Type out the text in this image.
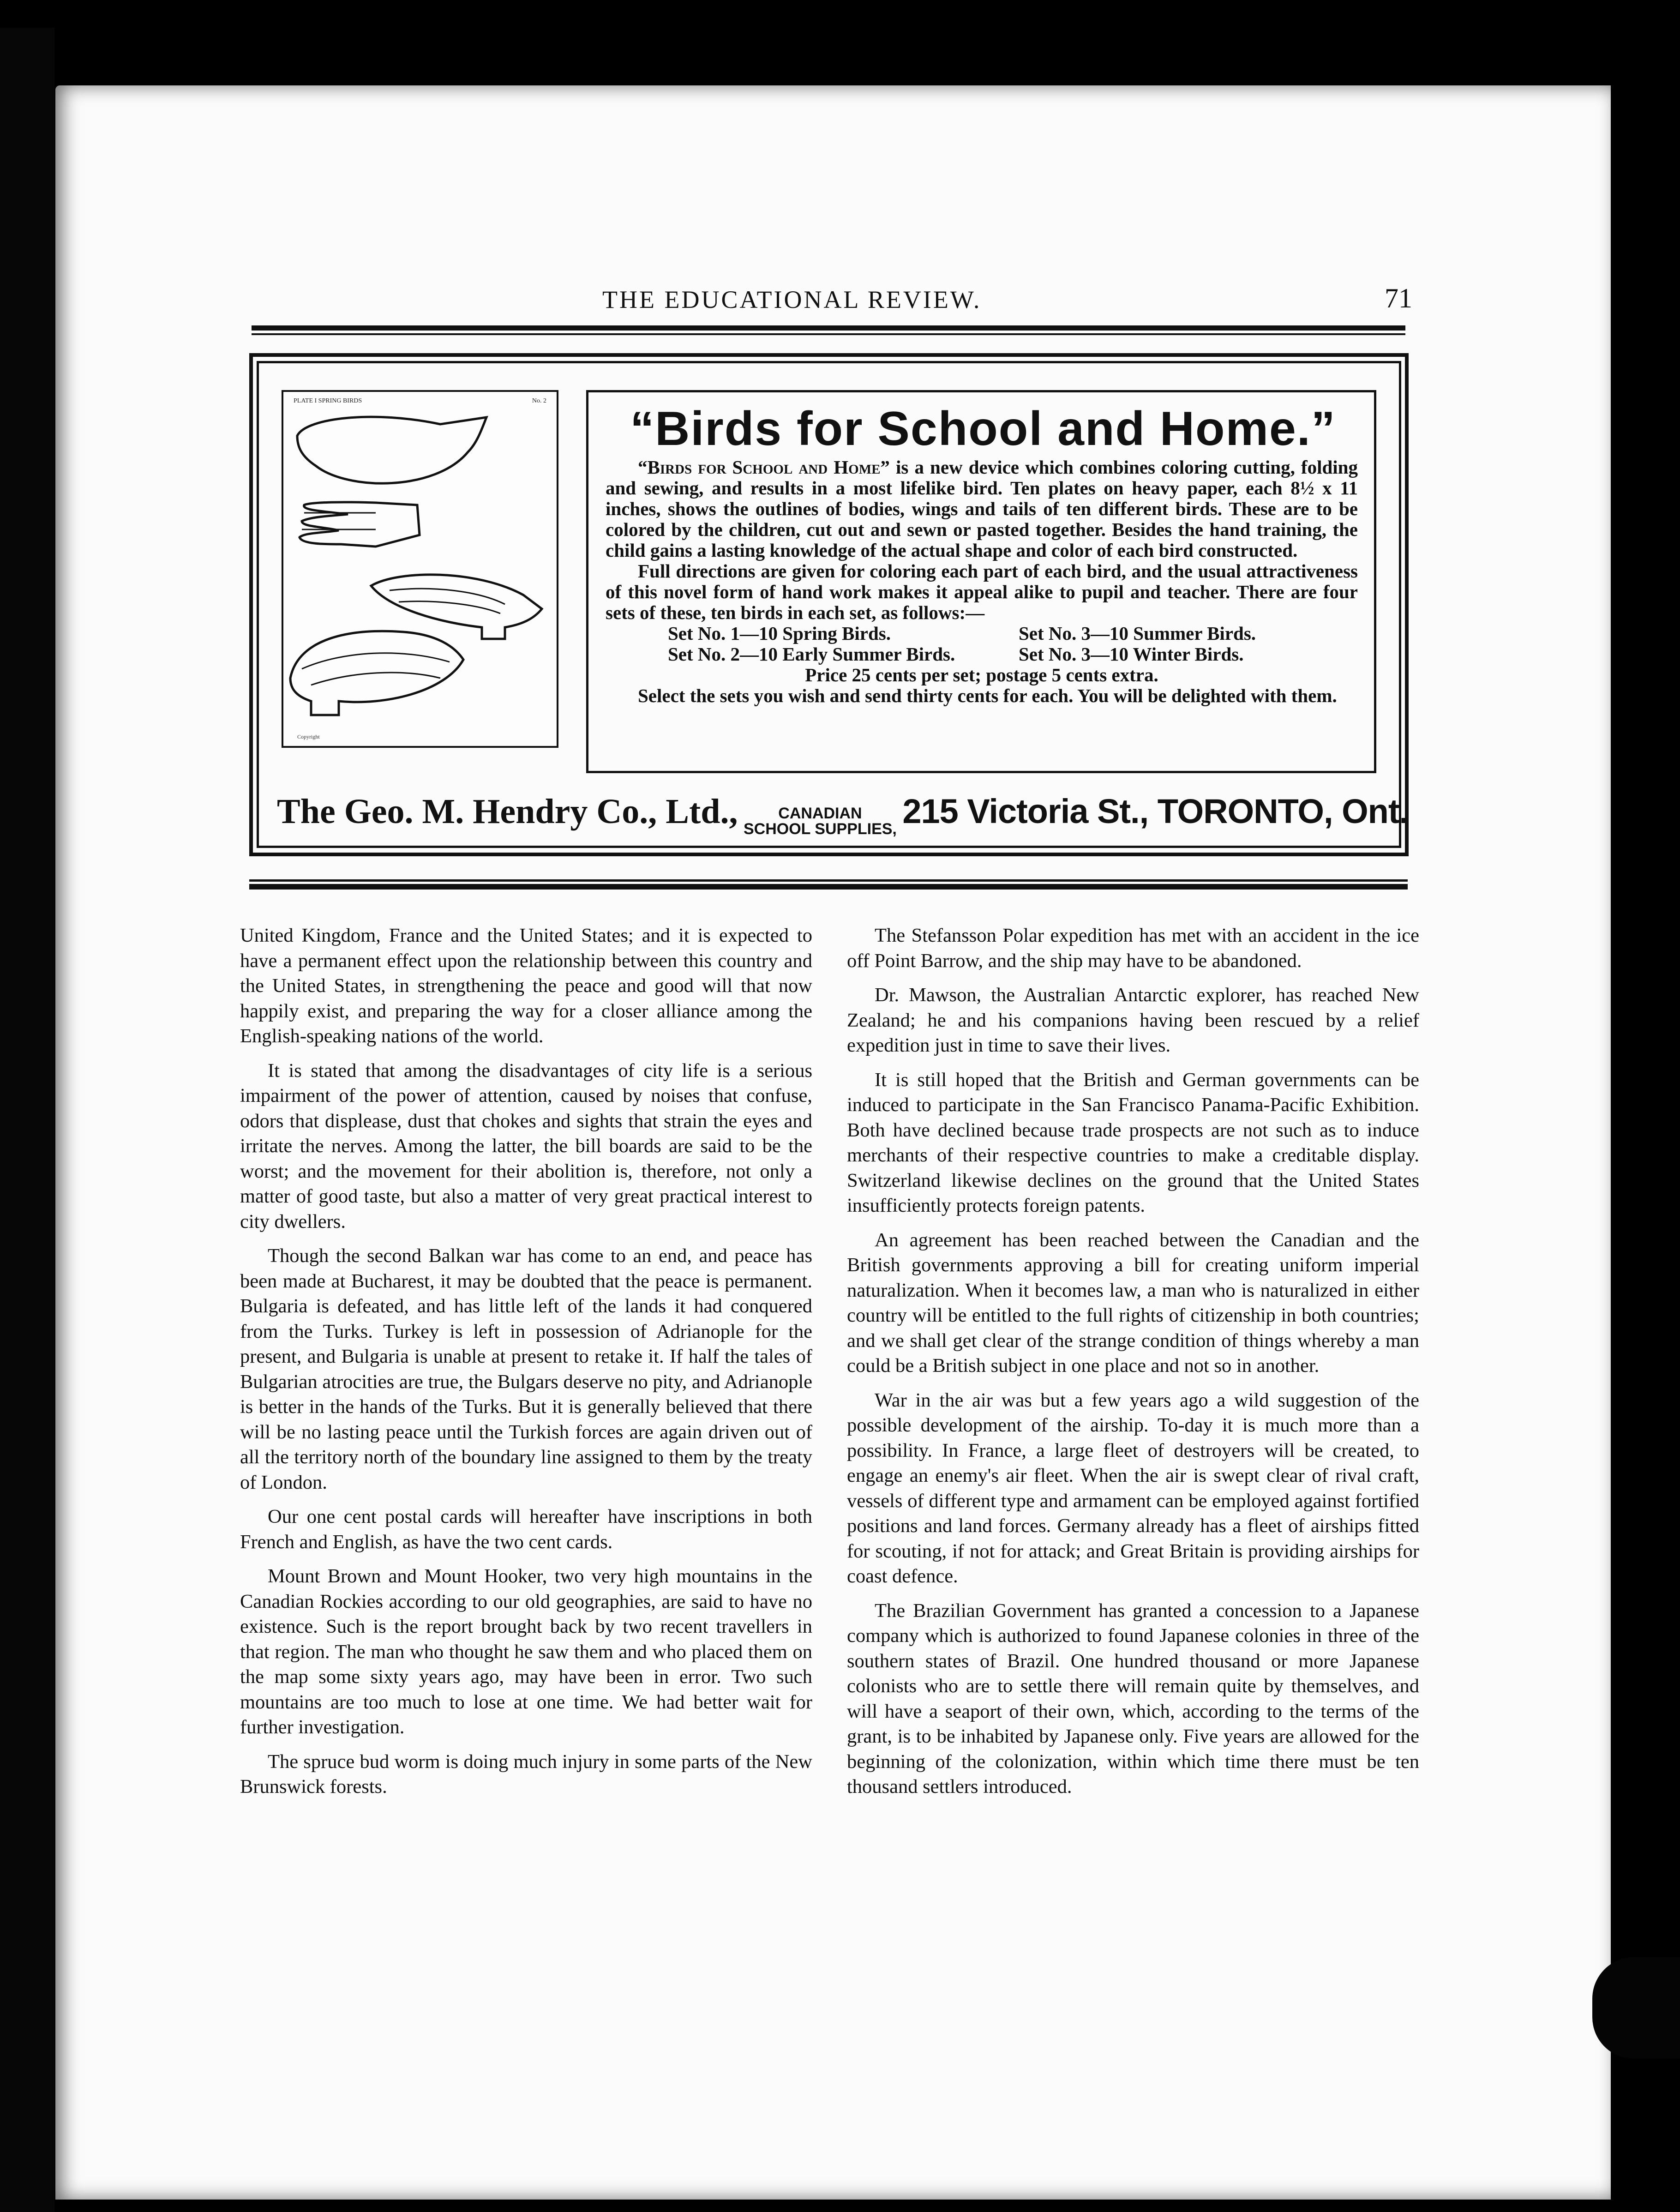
THE EDUCATIONAL REVIEW.	71
PLATE I SPRING BIRDS	No. 2
Copyright
“Birds for School and Home.”

“Birds for School and Home” is a new device which combines coloring cutting, folding and sewing, and results in a most lifelike bird. Ten plates on heavy paper, each 8½ x 11 inches, shows the outlines of bodies, wings and tails of ten different birds. These are to be colored by the children, cut out and sewn or pasted together. Besides the hand training, the child gains a lasting knowledge of the actual shape and color of each bird constructed.

Full directions are given for coloring each part of each bird, and the usual attractiveness of this novel form of hand work makes it appeal alike to pupil and teacher. There are four sets of these, ten birds in each set, as follows:—

Set No. 1—10 Spring Birds.	Set No. 3—10 Summer Birds.
Set No. 2—10 Early Summer Birds.	Set No. 3—10 Winter Birds.

Price 25 cents per set; postage 5 cents extra.

Select the sets you wish and send thirty cents for each. You will be delighted with them.

The Geo. M. Hendry Co., Ltd.,	CANADIAN
SCHOOL SUPPLIES, 215 Victoria St., TORONTO, Ont.

United Kingdom, France and the United States; and it is expected to have a permanent effect upon the relationship between this country and the United States, in strengthening the peace and good will that now happily exist, and preparing the way for a closer alliance among the English-speaking nations of the world.

It is stated that among the disadvantages of city life is a serious impairment of the power of attention, caused by noises that confuse, odors that displease, dust that chokes and sights that strain the eyes and irritate the nerves. Among the latter, the bill boards are said to be the worst; and the movement for their abolition is, therefore, not only a matter of good taste, but also a matter of very great practical interest to city dwellers.

Though the second Balkan war has come to an end, and peace has been made at Bucharest, it may be doubted that the peace is permanent. Bulgaria is defeated, and has little left of the lands it had conquered from the Turks. Turkey is left in possession of Adrianople for the present, and Bulgaria is unable at present to retake it. If half the tales of Bulgarian atrocities are true, the Bulgars deserve no pity, and Adrianople is better in the hands of the Turks. But it is generally believed that there will be no lasting peace until the Turkish forces are again driven out of all the territory north of the boundary line assigned to them by the treaty of London.

Our one cent postal cards will hereafter have inscriptions in both French and English, as have the two cent cards.

Mount Brown and Mount Hooker, two very high mountains in the Canadian Rockies according to our old geographies, are said to have no existence. Such is the report brought back by two recent travellers in that region. The man who thought he saw them and who placed them on the map some sixty years ago, may have been in error. Two such mountains are too much to lose at one time. We had better wait for further investigation.

The spruce bud worm is doing much injury in some parts of the New Brunswick forests.

The Stefansson Polar expedition has met with an accident in the ice off Point Barrow, and the ship may have to be abandoned.

Dr. Mawson, the Australian Antarctic explorer, has reached New Zealand; he and his companions having been rescued by a relief expedition just in time to save their lives.

It is still hoped that the British and German governments can be induced to participate in the San Francisco Panama-Pacific Exhibition. Both have declined because trade prospects are not such as to induce merchants of their respective countries to make a creditable display. Switzerland likewise declines on the ground that the United States insufficiently protects foreign patents.

An agreement has been reached between the Canadian and the British governments approving a bill for creating uniform imperial naturalization. When it becomes law, a man who is naturalized in either country will be entitled to the full rights of citizenship in both countries; and we shall get clear of the strange condition of things whereby a man could be a British subject in one place and not so in another.

War in the air was but a few years ago a wild suggestion of the possible development of the airship. To-day it is much more than a possibility. In France, a large fleet of destroyers will be created, to engage an enemy's air fleet. When the air is swept clear of rival craft, vessels of different type and armament can be employed against fortified positions and land forces. Germany already has a fleet of airships fitted for scouting, if not for attack; and Great Britain is providing airships for coast defence.

The Brazilian Government has granted a concession to a Japanese company which is authorized to found Japanese colonies in three of the southern states of Brazil. One hundred thousand or more Japanese colonists who are to settle there will remain quite by themselves, and will have a seaport of their own, which, according to the terms of the grant, is to be inhabited by Japanese only. Five years are allowed for the beginning of the colonization, within which time there must be ten thousand settlers introduced.
